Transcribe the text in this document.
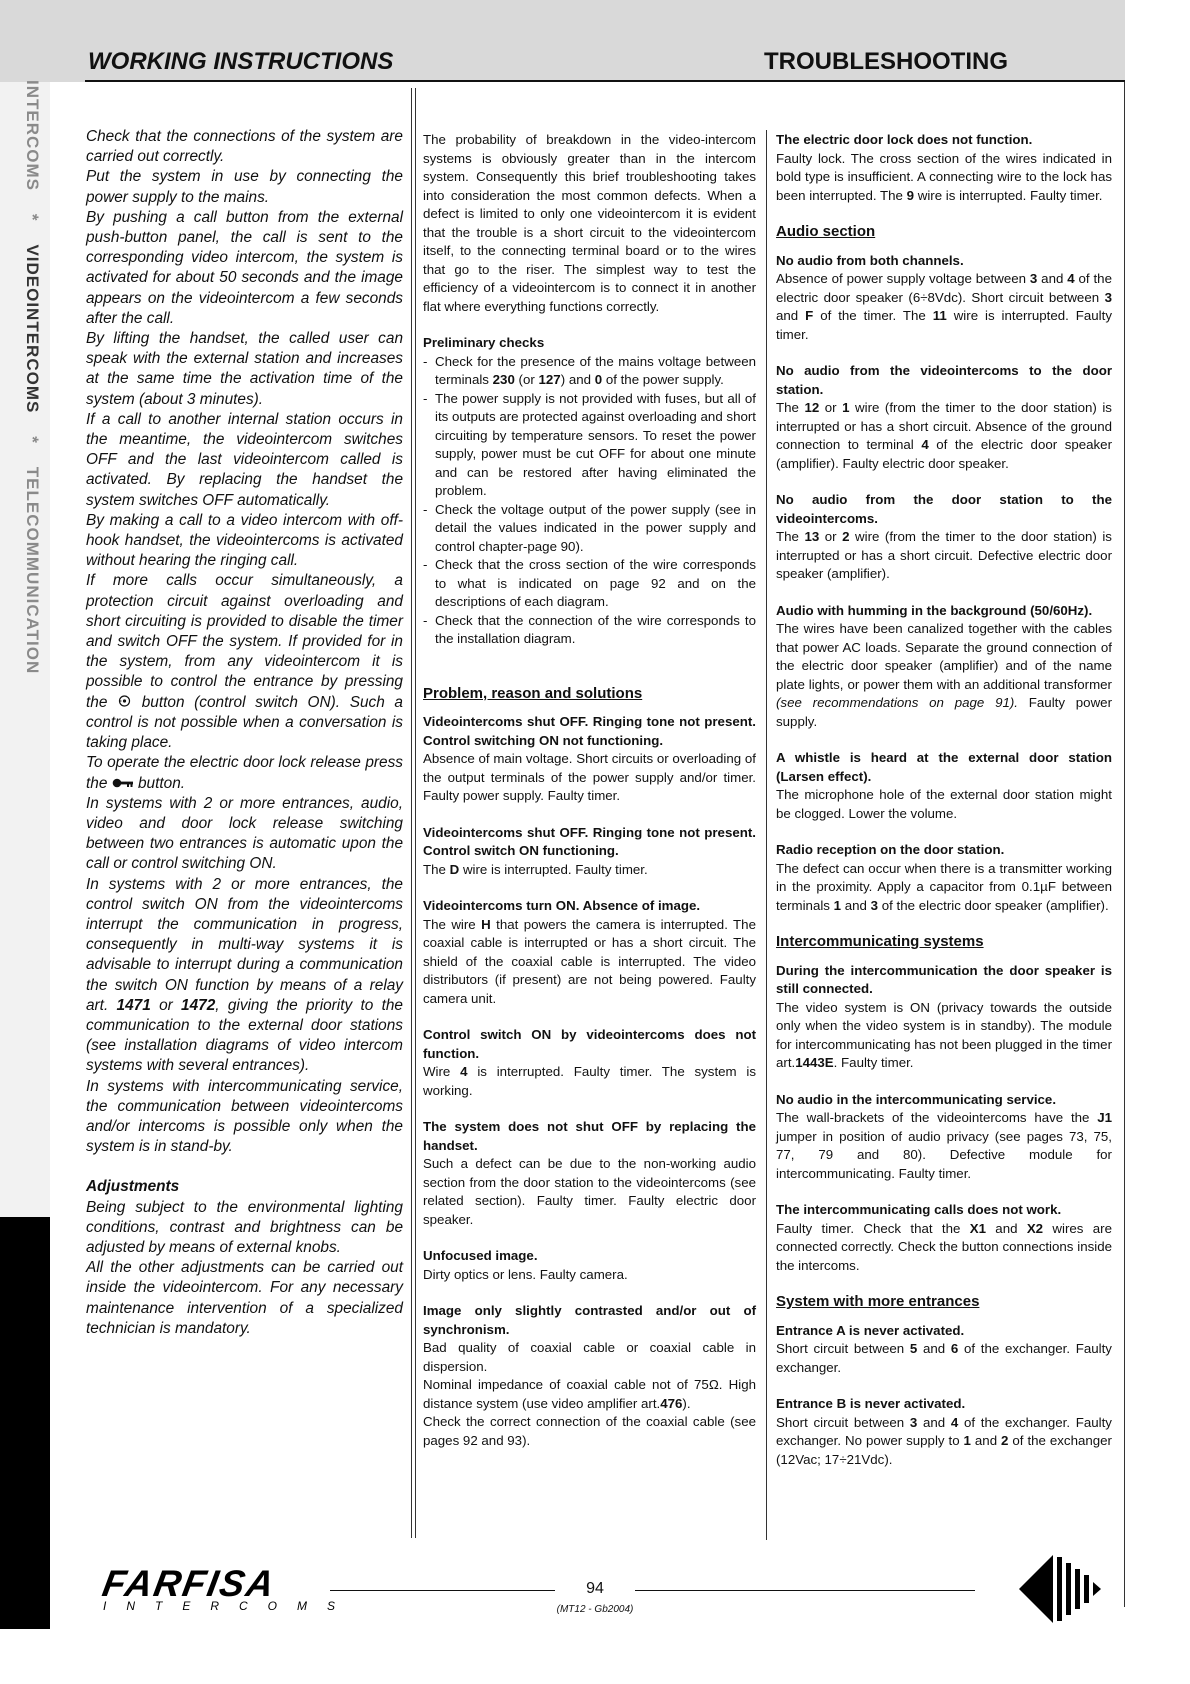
INTERCOMS    *    VIDEOINTERCOMS    *    TELECOMMUNICATION
WORKING INSTRUCTIONS	TROUBLESHOOTING

Check that the connections of the system are carried out correctly.

Put the system in use by connecting the power supply to the mains.

By pushing a call button from the external push-button panel, the call is sent to the corresponding video intercom, the system is activated for about 50 seconds and the image appears on the videointercom a few seconds after the call.

By lifting the handset, the called user can speak with the external station and increases at the same time the activation time of the system (about 3 minutes).

If a call to another internal station occurs in the meantime, the videointercom switches OFF and the last videointercom called is activated. By replacing the handset the system switches OFF automatically.

By making a call to a video intercom with off-hook handset, the videointercoms is activated without hearing the ringing call.

If more calls occur simultaneously, a protection circuit against overloading and short circuiting is provided to disable the timer and switch OFF the system. If provided for in the system, from any videointercom it is possible to control the entrance by pressing the button (control switch ON). Such a control is not possible when a conversation is taking place.

To operate the electric door lock release press the button.

In systems with 2 or more entrances, audio, video and door lock release switching between two entrances is automatic upon the call or control switching ON.

In systems with 2 or more entrances, the control switch ON from the videointercoms interrupt the communication in progress, consequently in multi-way systems it is advisable to interrupt during a communication the switch ON function by means of a relay art. 1471 or 1472, giving the priority to the communication to the external door stations (see installation diagrams of video intercom systems with several entrances).

In systems with intercommunicating service, the communication between videointercoms and/or intercoms is possible only when the system is in stand-by.

Adjustments

Being subject to the environmental lighting conditions, contrast and brightness can be adjusted by means of external knobs.

All the other adjustments can be carried out inside the videointercom. For any necessary maintenance intervention of a specialized technician is mandatory.

The probability of breakdown in the video-intercom systems is obviously greater than in the intercom system. Consequently this brief troubleshooting takes into consideration the most common defects. When a defect is limited to only one videointercom it is evident that the trouble is a short circuit to the videointercom itself, to the connecting terminal board or to the wires that go to the riser. The simplest way to test the efficiency of a videointercom is to connect it in another flat where everything functions correctly.

Preliminary checks

- Check for the presence of the mains voltage between terminals 230 (or 127) and 0 of the power supply.
- The power supply is not provided with fuses, but all of its outputs are protected against overloading and short circuiting by temperature sensors. To reset the power supply, power must be cut OFF for about one minute and can be restored after having eliminated the problem.
- Check the voltage output of the power supply (see in detail the values indicated in the power supply and control chapter-page 90).
- Check that the cross section of the wire corresponds to what is indicated on page 92 and on the descriptions of each diagram.
- Check that the connection of the wire corresponds to the installation diagram.

Problem, reason and solutions

Videointercoms shut OFF. Ringing tone not present. Control switching ON not functioning.

Absence of main voltage. Short circuits or overloading of the output terminals of the power supply and/or timer. Faulty power supply. Faulty timer.

Videointercoms shut OFF. Ringing tone not present. Control switch ON functioning.

The D wire is interrupted. Faulty timer.

Videointercoms turn ON. Absence of image.

The wire H that powers the camera is interrupted. The coaxial cable is interrupted or has a short circuit. The shield of the coaxial cable is interrupted. The video distributors (if present) are not being powered. Faulty camera unit.

Control switch ON by videointercoms does not function.

Wire 4 is interrupted. Faulty timer. The system is working.

The system does not shut OFF by replacing the handset.

Such a defect can be due to the non-working audio section from the door station to the videointercoms (see related section). Faulty timer. Faulty electric door speaker.

Unfocused image.

Dirty optics or lens. Faulty camera.

Image only slightly contrasted and/or out of synchronism.

Bad quality of coaxial cable or coaxial cable in dispersion.

Nominal impedance of coaxial cable not of 75Ω. High distance system (use video amplifier art.476).

Check the correct connection of the coaxial cable (see pages 92 and 93).

The electric door lock does not function.

Faulty lock. The cross section of the wires indicated in bold type is insufficient. A connecting wire to the lock has been interrupted. The 9 wire is interrupted. Faulty timer.

Audio section

No audio from both channels.

Absence of power supply voltage between 3 and 4 of the electric door speaker (6÷8Vdc). Short circuit between 3 and F of the timer. The 11 wire is interrupted. Faulty timer.

No audio from the videointercoms to the door station.

The 12 or 1 wire (from the timer to the door station) is interrupted or has a short circuit. Absence of the ground connection to terminal 4 of the electric door speaker (amplifier). Faulty electric door speaker.

No audio from the door station to the videointercoms.

The 13 or 2 wire (from the timer to the door station) is interrupted or has a short circuit. Defective electric door speaker (amplifier).

Audio with humming in the background (50/60Hz).

The wires have been canalized together with the cables that power AC loads. Separate the ground connection of the electric door speaker (amplifier) and of the name plate lights, or power them with an additional transformer (see recommendations on page 91). Faulty power supply.

A whistle is heard at the external door station (Larsen effect).

The microphone hole of the external door station might be clogged. Lower the volume.

Radio reception on the door station.

The defect can occur when there is a transmitter working in the proximity. Apply a capacitor from 0.1µF between terminals 1 and 3 of the electric door speaker (amplifier).

Intercommunicating systems

During the intercommunication the door speaker is still connected.

The video system is ON (privacy towards the outside only when the video system is in standby). The module for intercommunicating has not been plugged in the timer art.1443E. Faulty timer.

No audio in the intercommunicating service.

The wall-brackets of the videointercoms have the J1 jumper in position of audio privacy (see pages 73, 75, 77, 79 and 80). Defective module for intercommunicating. Faulty timer.

The intercommunicating calls does not work.

Faulty timer. Check that the X1 and X2 wires are connected correctly. Check the button connections inside the intercoms.

System with more entrances

Entrance A is never activated.

Short circuit between 5 and 6 of the exchanger. Faulty exchanger.

Entrance B is never activated.

Short circuit between 3 and 4 of the exchanger. Faulty exchanger. No power supply to 1 and 2 of the exchanger (12Vac; 17÷21Vdc).

FARFISA
INTERCOMS
94
(MT12 - Gb2004)
